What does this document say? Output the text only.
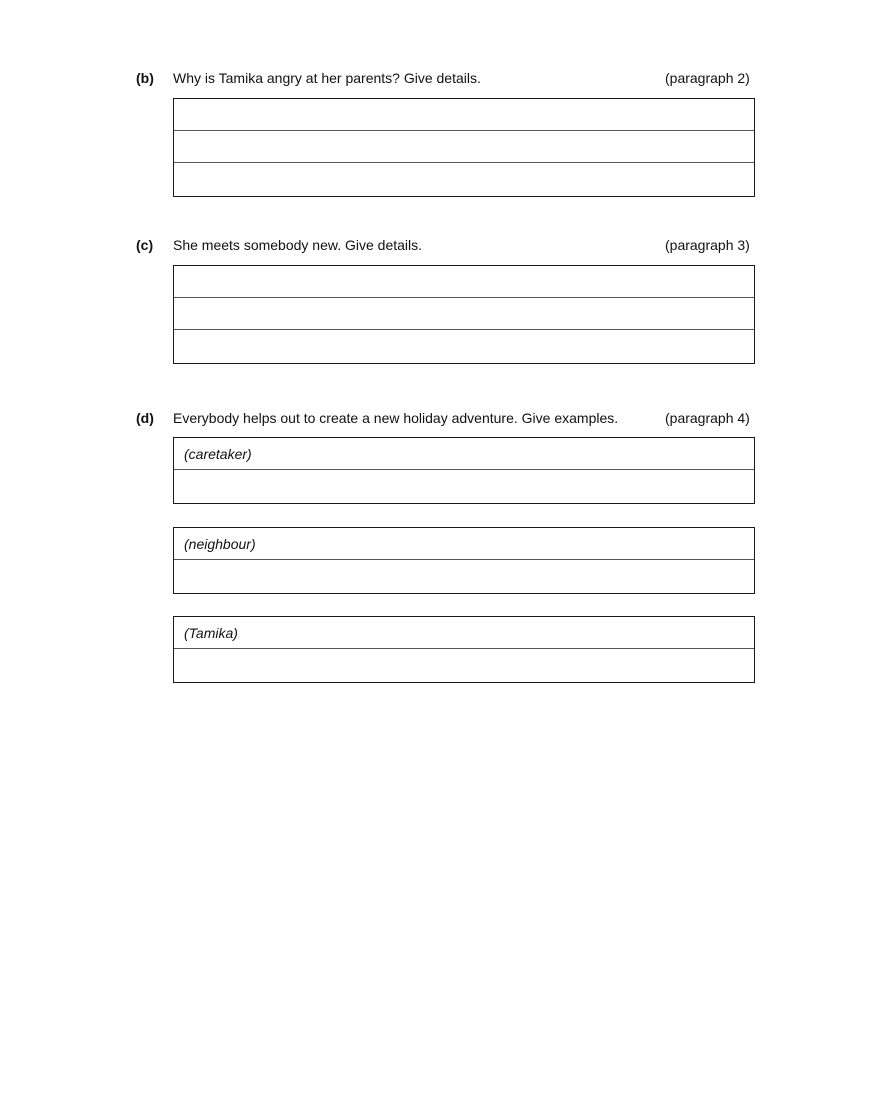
(b) Why is Tamika angry at her parents? Give details.	(paragraph 2)
(c) She meets somebody new. Give details.	(paragraph 3)
(d) Everybody helps out to create a new holiday adventure. Give examples.	(paragraph 4)
(caretaker)
(neighbour)
(Tamika)
